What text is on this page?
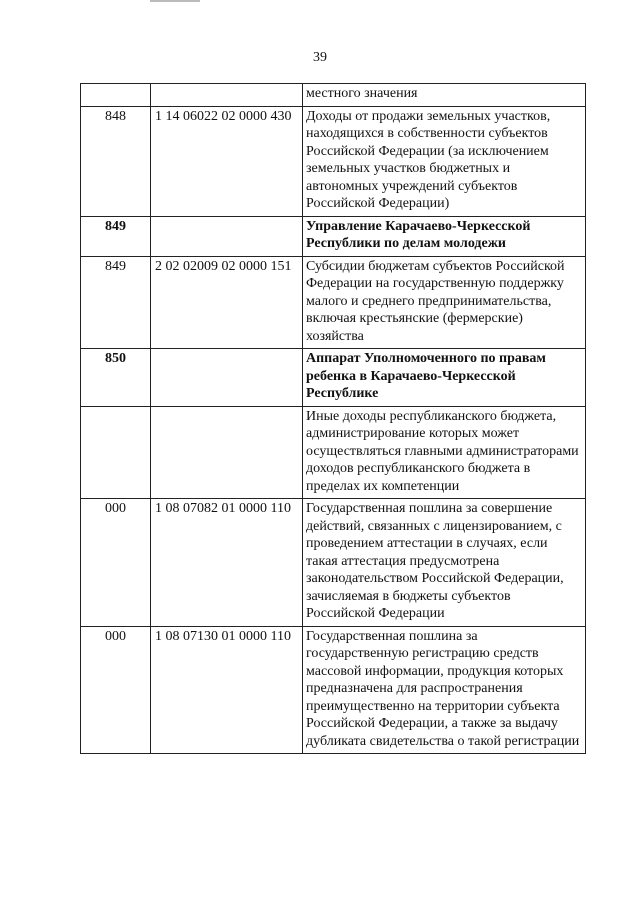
39
		местного значения
848	1 14 06022 02 0000 430	Доходы от продажи земельных участков, находящихся в собственности субъектов Российской Федерации (за исключением земельных участков бюджетных и автономных учреждений субъектов Российской Федерации)
849		Управление Карачаево-Черкесской Республики по делам молодежи
849	2 02 02009 02 0000 151	Субсидии бюджетам субъектов Российской Федерации на государственную поддержку малого и среднего предпринимательства, включая крестьянские (фермерские) хозяйства
850		Аппарат Уполномоченного по правам ребенка в Карачаево-Черкесской Республике
		Иные доходы республиканского бюджета, администрирование которых может осуществляться главными администраторами доходов республиканского бюджета в пределах их компетенции
000	1 08 07082 01 0000 110	Государственная пошлина за совершение действий, связанных с лицензированием, с проведением аттестации в случаях, если такая аттестация предусмотрена законодательством Российской Федерации, зачисляемая в бюджеты субъектов Российской Федерации
000	1 08 07130 01 0000 110	Государственная пошлина за государственную регистрацию средств массовой информации, продукция которых предназначена для распространения преимущественно на территории субъекта Российской Федерации, а также за выдачу дубликата свидетельства о такой регистрации
